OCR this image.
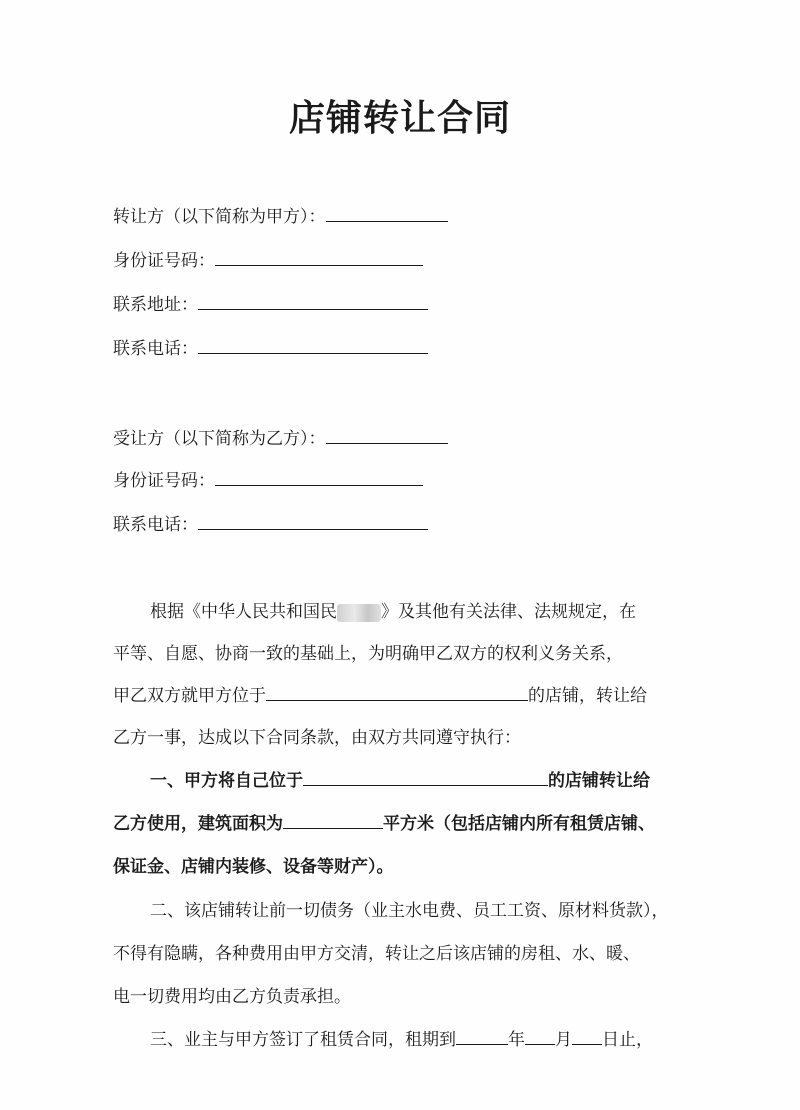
店铺转让合同
转让方（以下简称为甲方）：
身份证号码：
联系地址：
联系电话：
受让方（以下简称为乙方）：
身份证号码：
联系电话：
根据《中华人民共和国民	》及其他有关法律、法规规定，在
平等、自愿、协商一致的基础上，为明确甲乙双方的权利义务关系，
甲乙双方就甲方位于	的店铺，转让给
乙方一事，达成以下合同条款，由双方共同遵守执行：
一、甲方将自己位于	的店铺转让给
乙方使用，建筑面积为	平方米（包括店铺内所有租赁店铺、
保证金、店铺内装修、设备等财产）。
二、该店铺转让前一切债务（业主水电费、员工工资、原材料货款），
不得有隐瞒，各种费用由甲方交清，转让之后该店铺的房租、水、暖、
电一切费用均由乙方负责承担。
三、业主与甲方签订了租赁合同，租期到	年 月 日止，
